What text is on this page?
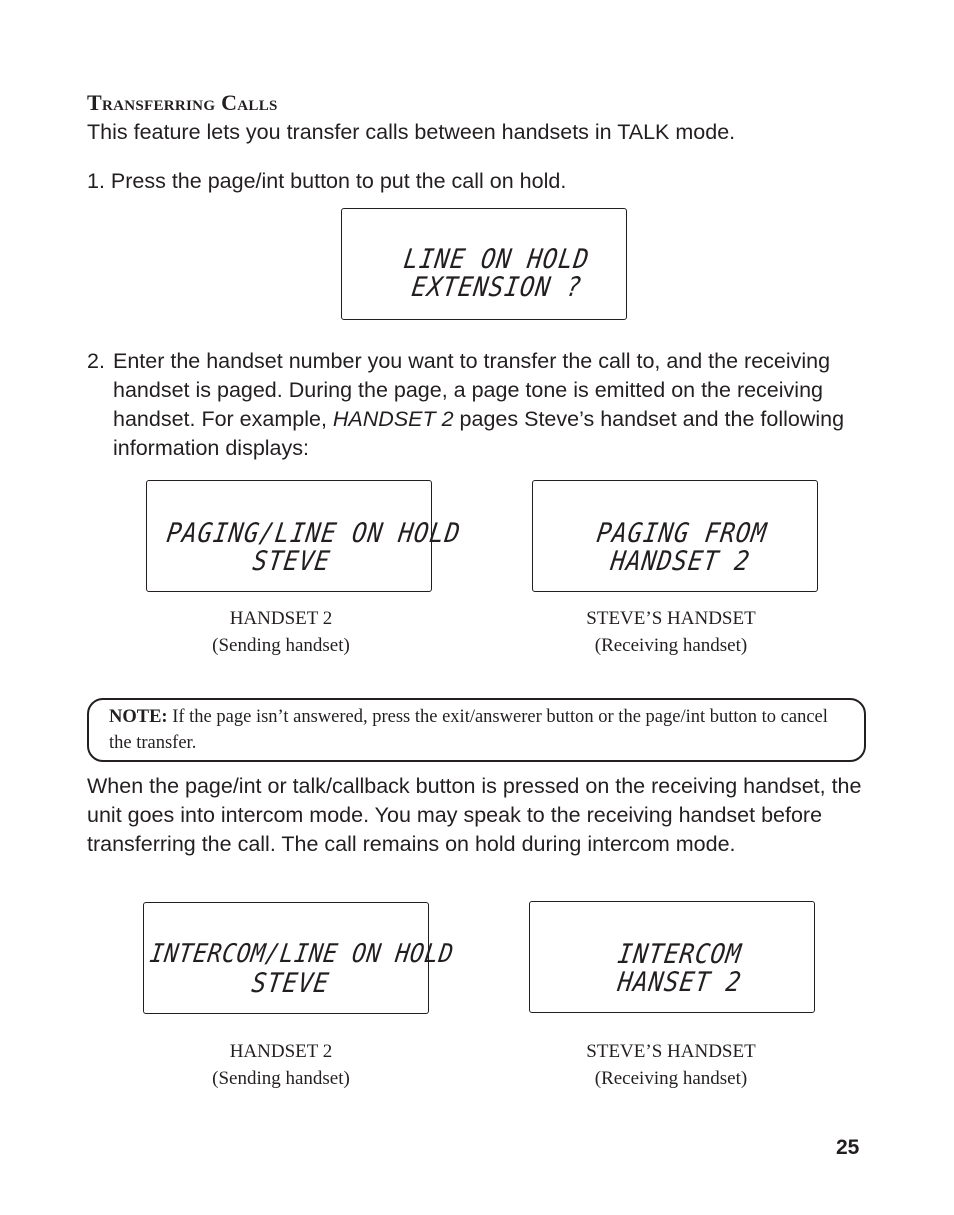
Transferring Calls
This feature lets you transfer calls between handsets in TALK mode.
1. Press the page/int button to put the call on hold.
LINE ON HOLD
EXTENSION ?
2. Enter the handset number you want to transfer the call to, and the receiving handset is paged. During the page, a page tone is emitted on the receiving handset. For example, HANDSET 2 pages Steve’s handset and the following information displays:
PAGING/LINE ON HOLD
STEVE
PAGING FROM
HANDSET 2
HANDSET 2
(Sending handset)
STEVE’S HANDSET
(Receiving handset)
NOTE: If the page isn’t answered, press the exit/answerer button or the page/int button to cancel the transfer.
When the page/int or talk/callback button is pressed on the receiving handset, the unit goes into intercom mode. You may speak to the receiving handset before transferring the call. The call remains on hold during intercom mode.
INTERCOM/LINE ON HOLD
STEVE
INTERCOM
HANSET 2
HANDSET 2
(Sending handset)
STEVE’S HANDSET
(Receiving handset)
25
